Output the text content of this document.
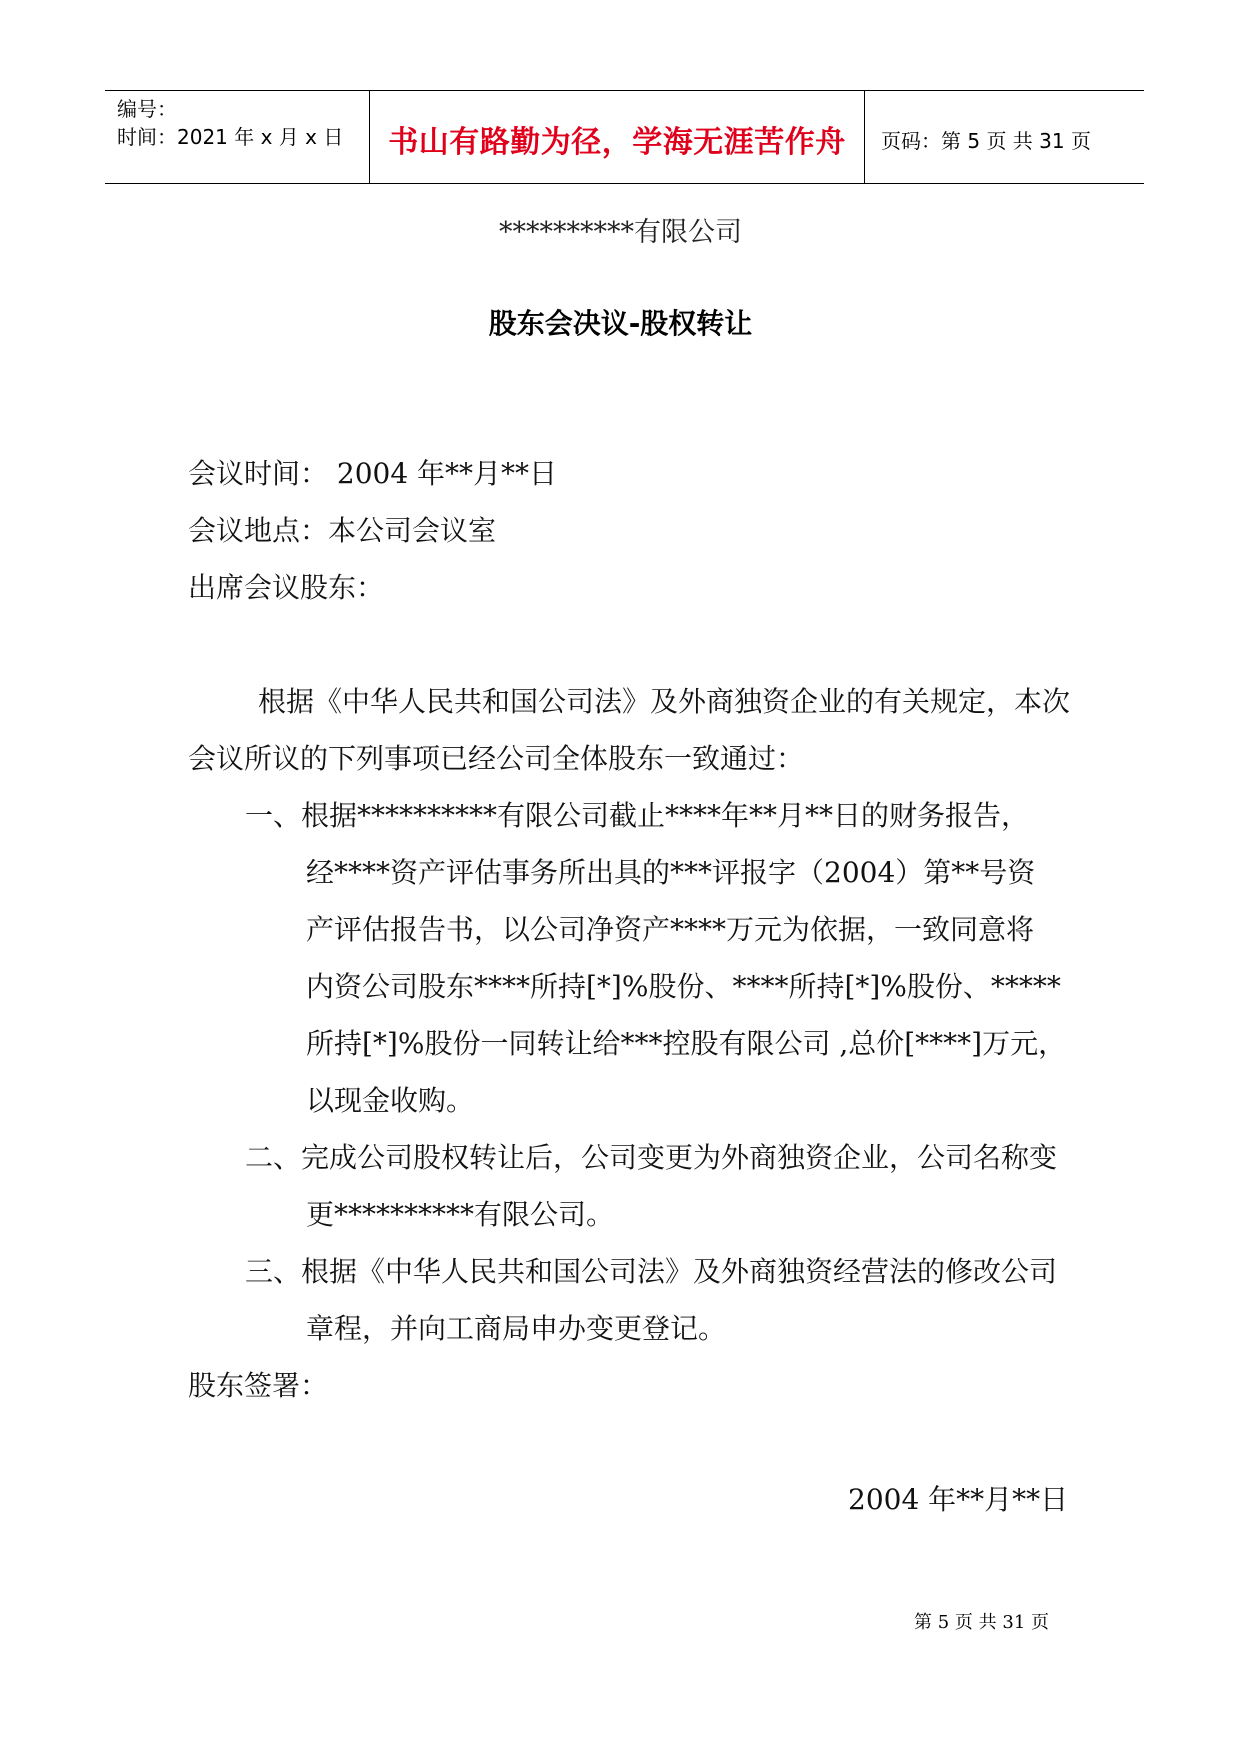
编号：
时间：2021 年 x 月 x 日	书山有路勤为径，学海无涯苦作舟	页码：第 5 页 共 31 页
**********有限公司
股东会决议-股权转让
会议时间： 2004 年**月**日
会议地点：本公司会议室
出席会议股东：
根据《中华人民共和国公司法》及外商独资企业的有关规定，本次
会议所议的下列事项已经公司全体股东一致通过：
一、根据**********有限公司截止****年**月**日的财务报告，
经****资产评估事务所出具的***评报字（2004）第**号资
产评估报告书，以公司净资产****万元为依据，一致同意将
内资公司股东****所持[*]%股份、****所持[*]%股份、*****
所持[*]%股份一同转让给***控股有限公司 ,总价[****]万元，
以现金收购。
二、完成公司股权转让后，公司变更为外商独资企业，公司名称变
更**********有限公司。
三、根据《中华人民共和国公司法》及外商独资经营法的修改公司
章程，并向工商局申办变更登记。
股东签署：
2004 年**月**日
第 5 页 共 31 页
